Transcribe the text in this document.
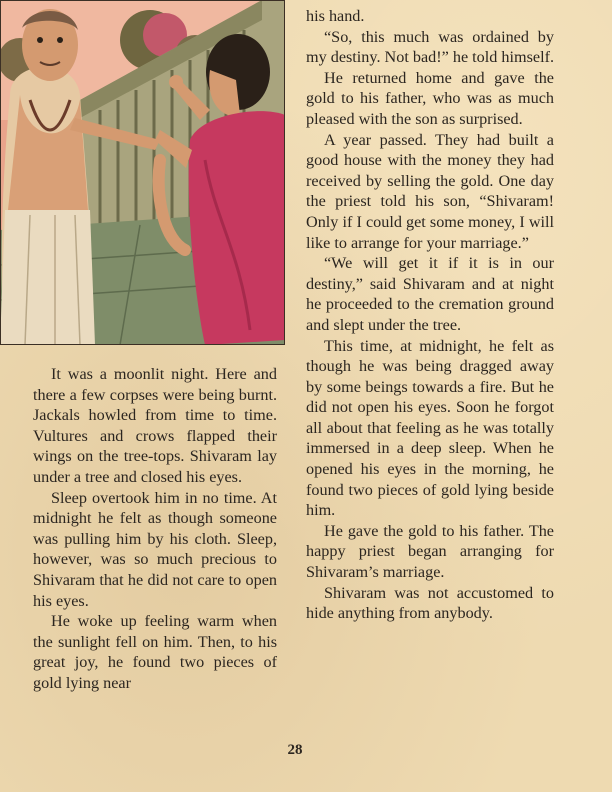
It was a moonlit night. Here and there a few corpses were being burnt. Jackals howled from time to time. Vultures and crows flapped their wings on the tree-tops. Shivaram lay under a tree and closed his eyes.

Sleep overtook him in no time. At midnight he felt as though someone was pulling him by his cloth. Sleep, however, was so much precious to Shivaram that he did not care to open his eyes.

He woke up feeling warm when the sunlight fell on him. Then, to his great joy, he found two pieces of gold lying near

his hand.

“So, this much was ordained by my destiny. Not bad!” he told himself.

He returned home and gave the gold to his father, who was as much pleased with the son as surprised.

A year passed. They had built a good house with the money they had received by selling the gold. One day the priest told his son, “Shivaram! Only if I could get some money, I will like to arrange for your marriage.”

“We will get it if it is in our destiny,” said Shivaram and at night he proceeded to the cremation ground and slept under the tree.

This time, at midnight, he felt as though he was being dragged away by some beings towards a fire. But he did not open his eyes. Soon he forgot all about that feeling as he was totally immersed in a deep sleep. When he opened his eyes in the morning, he found two pieces of gold lying beside him.

He gave the gold to his father. The happy priest began arranging for Shivaram’s marriage.

Shivaram was not accustomed to hide anything from anybody.

28
